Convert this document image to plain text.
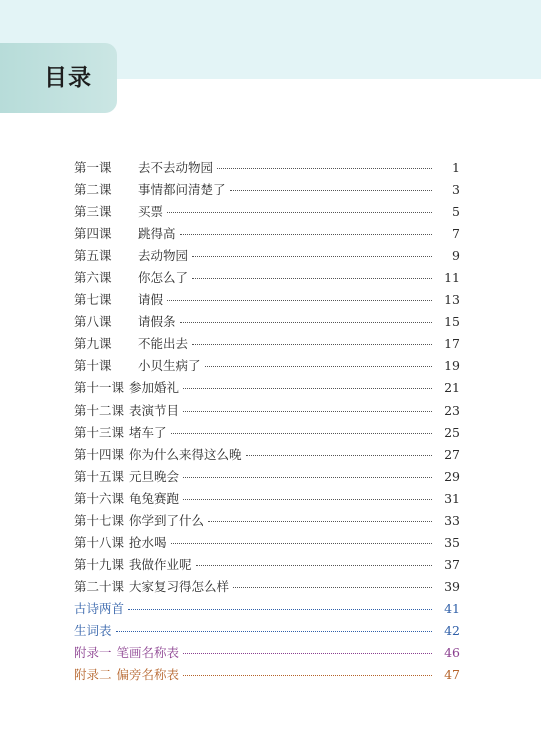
目录
第一课	去不去动物园	1
第二课	事情都问清楚了	3
第三课	买票	5
第四课	跳得高	7
第五课	去动物园	9
第六课	你怎么了	11
第七课	请假	13
第八课	请假条	15
第九课	不能出去	17
第十课	小贝生病了	19
第十一课 参加婚礼	21
第十二课 表演节目	23
第十三课 堵车了	25
第十四课 你为什么来得这么晚	27
第十五课 元旦晚会	29
第十六课 龟兔赛跑	31
第十七课 你学到了什么	33
第十八课 抢水喝	35
第十九课 我做作业呢	37
第二十课 大家复习得怎么样	39
古诗两首	41
生词表	42
附录一 笔画名称表	46
附录二 偏旁名称表	47
